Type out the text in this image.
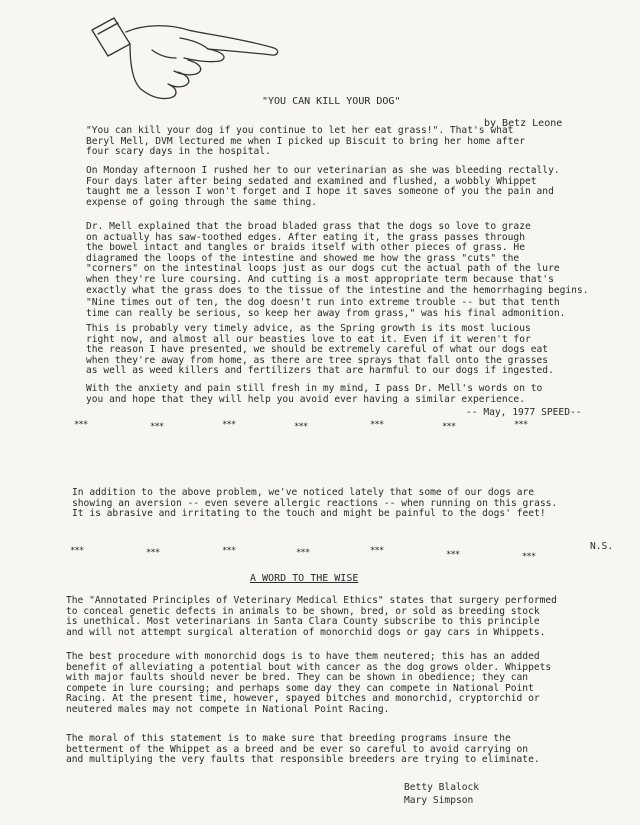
"YOU CAN KILL YOUR DOG"
by Betz Leone

"You can kill your dog if you continue to let her eat grass!". That's what
Beryl Mell, DVM lectured me when I picked up Biscuit to bring her home after
four scary days in the hospital.

On Monday afternoon I rushed her to our veterinarian as she was bleeding rectally.
Four days later after being sedated and examined and flushed, a wobbly Whippet
taught me a lesson I won't forget and I hope it saves someone of you the pain and
expense of going through the same thing.

Dr. Mell explained that the broad bladed grass that the dogs so love to graze
on actually has saw-toothed edges. After eating it, the grass passes through
the bowel intact and tangles or braids itself with other pieces of grass. He
diagramed the loops of the intestine and showed me how the grass "cuts" the
"corners" on the intestinal loops just as our dogs cut the actual path of the lure
when they're lure coursing. And cutting is a most appropriate term because that's
exactly what the grass does to the tissue of the intestine and the hemorrhaging begins.

"Nine times out of ten, the dog doesn't run into extreme trouble -- but that tenth
time can really be serious, so keep her away from grass," was his final admonition.

This is probably very timely advice, as the Spring growth is its most lucious
right now, and almost all our beasties love to eat it. Even if it weren't for
the reason I have presented, we should be extremely careful of what our dogs eat
when they're away from home, as there are tree sprays that fall onto the grasses
as well as weed killers and fertilizers that are harmful to our dogs if ingested.

With the anxiety and pain still fresh in my mind, I pass Dr. Mell's words on to
you and hope that they will help you avoid ever having a similar experience.

-- May, 1977 SPEED--
***	***	***	***	***	***	***

In addition to the above problem, we've noticed lately that some of our dogs are
showing an aversion -- even severe allergic reactions -- when running on this grass.
It is abrasive and irritating to the touch and might be painful to the dogs' feet!

N.S.
***	***	***	***	***	***	***
A WORD TO THE WISE

The "Annotated Principles of Veterinary Medical Ethics" states that surgery performed
to conceal genetic defects in animals to be shown, bred, or sold as breeding stock
is unethical. Most veterinarians in Santa Clara County subscribe to this principle
and will not attempt surgical alteration of monorchid dogs or gay cars in Whippets.

The best procedure with monorchid dogs is to have them neutered; this has an added
benefit of alleviating a potential bout with cancer as the dog grows older. Whippets
with major faults should never be bred. They can be shown in obedience; they can
compete in lure coursing; and perhaps some day they can compete in National Point
Racing. At the present time, however, spayed bitches and monorchid, cryptorchid or
neutered males may not compete in National Point Racing.

The moral of this statement is to make sure that breeding programs insure the
betterment of the Whippet as a breed and be ever so careful to avoid carrying on
and multiplying the very faults that responsible breeders are trying to eliminate.

Betty Blalock
Mary Simpson
